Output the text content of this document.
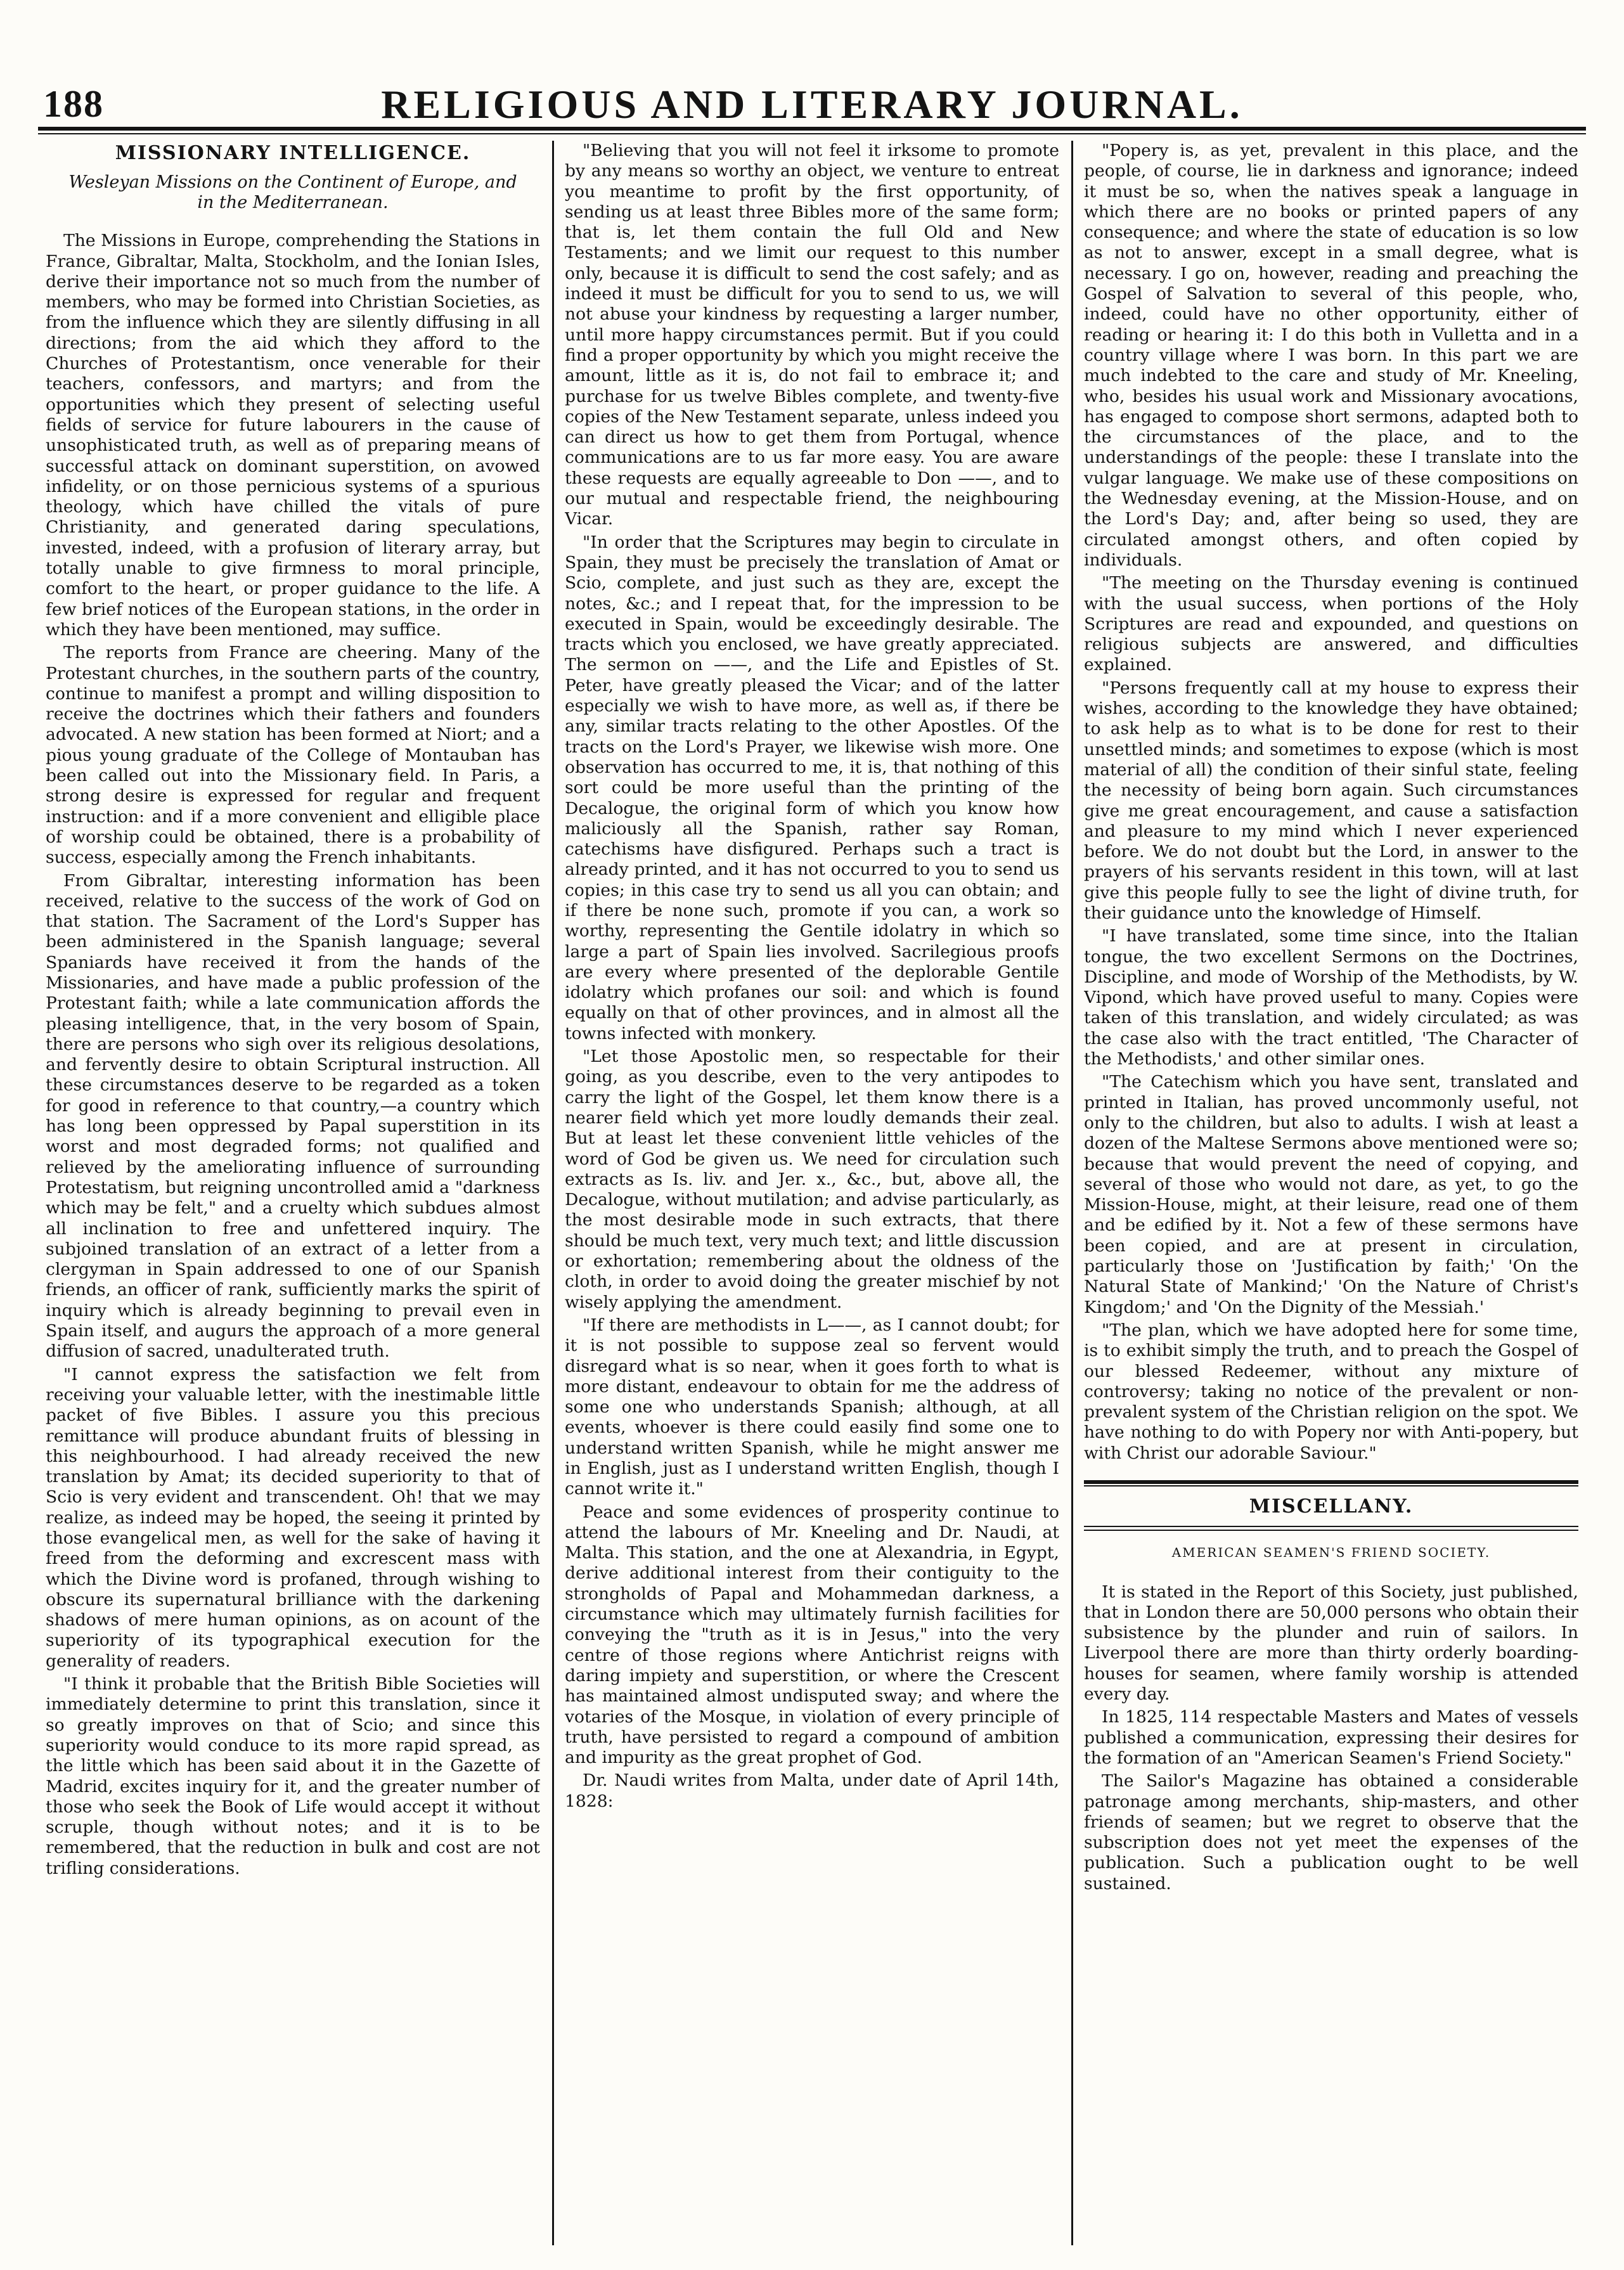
188	RELIGIOUS AND LITERARY JOURNAL.
MISSIONARY INTELLIGENCE.
Wesleyan Missions on the Continent of Europe, and in the Mediterranean.

The Missions in Europe, comprehending the Stations in France, Gibraltar, Malta, Stockholm, and the Ionian Isles, derive their importance not so much from the number of members, who may be formed into Christian Societies, as from the influence which they are silently diffusing in all directions; from the aid which they afford to the Churches of Protestantism, once venerable for their teachers, confessors, and martyrs; and from the opportunities which they present of selecting useful fields of service for future labourers in the cause of unsophisticated truth, as well as of preparing means of successful attack on dominant superstition, on avowed infidelity, or on those pernicious systems of a spurious theology, which have chilled the vitals of pure Christianity, and generated daring speculations, invested, indeed, with a profusion of literary array, but totally unable to give firmness to moral principle, comfort to the heart, or proper guidance to the life. A few brief notices of the European stations, in the order in which they have been mentioned, may suffice.

The reports from France are cheering. Many of the Protestant churches, in the southern parts of the country, continue to manifest a prompt and willing disposition to receive the doctrines which their fathers and founders advocated. A new station has been formed at Niort; and a pious young graduate of the College of Montauban has been called out into the Missionary field. In Paris, a strong desire is expressed for regular and frequent instruction: and if a more convenient and elligible place of worship could be obtained, there is a probability of success, especially among the French inhabitants.

From Gibraltar, interesting information has been received, relative to the success of the work of God on that station. The Sacrament of the Lord's Supper has been administered in the Spanish language; several Spaniards have received it from the hands of the Missionaries, and have made a public profession of the Protestant faith; while a late communication affords the pleasing intelligence, that, in the very bosom of Spain, there are persons who sigh over its religious desolations, and fervently desire to obtain Scriptural instruction. All these circumstances deserve to be regarded as a token for good in reference to that country,—a country which has long been oppressed by Papal superstition in its worst and most degraded forms; not qualified and relieved by the ameliorating influence of surrounding Protestatism, but reigning uncontrolled amid a "darkness which may be felt," and a cruelty which subdues almost all inclination to free and unfettered inquiry. The subjoined translation of an extract of a letter from a clergyman in Spain addressed to one of our Spanish friends, an officer of rank, sufficiently marks the spirit of inquiry which is already beginning to prevail even in Spain itself, and augurs the approach of a more general diffusion of sacred, unadulterated truth.

"I cannot express the satisfaction we felt from receiving your valuable letter, with the inestimable little packet of five Bibles. I assure you this precious remittance will produce abundant fruits of blessing in this neighbourhood. I had already received the new translation by Amat; its decided superiority to that of Scio is very evident and transcendent. Oh! that we may realize, as indeed may be hoped, the seeing it printed by those evangelical men, as well for the sake of having it freed from the deforming and excrescent mass with which the Divine word is profaned, through wishing to obscure its supernatural brilliance with the darkening shadows of mere human opinions, as on acount of the superiority of its typographical execution for the generality of readers.

"I think it probable that the British Bible Societies will immediately determine to print this translation, since it so greatly improves on that of Scio; and since this superiority would conduce to its more rapid spread, as the little which has been said about it in the Gazette of Madrid, excites inquiry for it, and the greater number of those who seek the Book of Life would accept it without scruple, though without notes; and it is to be remembered, that the reduction in bulk and cost are not trifling considerations.

"Believing that you will not feel it irksome to promote by any means so worthy an object, we venture to entreat you meantime to profit by the first opportunity, of sending us at least three Bibles more of the same form; that is, let them contain the full Old and New Testaments; and we limit our request to this number only, because it is difficult to send the cost safely; and as indeed it must be difficult for you to send to us, we will not abuse your kindness by requesting a larger number, until more happy circumstances permit. But if you could find a proper opportunity by which you might receive the amount, little as it is, do not fail to embrace it; and purchase for us twelve Bibles complete, and twenty-five copies of the New Testament separate, unless indeed you can direct us how to get them from Portugal, whence communications are to us far more easy. You are aware these requests are equally agreeable to Don ——, and to our mutual and respectable friend, the neighbouring Vicar.

"In order that the Scriptures may begin to circulate in Spain, they must be precisely the translation of Amat or Scio, complete, and just such as they are, except the notes, &c.; and I repeat that, for the impression to be executed in Spain, would be exceedingly desirable. The tracts which you enclosed, we have greatly appreciated. The sermon on ——, and the Life and Epistles of St. Peter, have greatly pleased the Vicar; and of the latter especially we wish to have more, as well as, if there be any, similar tracts relating to the other Apostles. Of the tracts on the Lord's Prayer, we likewise wish more. One observation has occurred to me, it is, that nothing of this sort could be more useful than the printing of the Decalogue, the original form of which you know how maliciously all the Spanish, rather say Roman, catechisms have disfigured. Perhaps such a tract is already printed, and it has not occurred to you to send us copies; in this case try to send us all you can obtain; and if there be none such, promote if you can, a work so worthy, representing the Gentile idolatry in which so large a part of Spain lies involved. Sacrilegious proofs are every where presented of the deplorable Gentile idolatry which profanes our soil: and which is found equally on that of other provinces, and in almost all the towns infected with monkery.

"Let those Apostolic men, so respectable for their going, as you describe, even to the very antipodes to carry the light of the Gospel, let them know there is a nearer field which yet more loudly demands their zeal. But at least let these convenient little vehicles of the word of God be given us. We need for circulation such extracts as Is. liv. and Jer. x., &c., but, above all, the Decalogue, without mutilation; and advise particularly, as the most desirable mode in such extracts, that there should be much text, very much text; and little discussion or exhortation; remembering about the oldness of the cloth, in order to avoid doing the greater mischief by not wisely applying the amendment.

"If there are methodists in L——, as I cannot doubt; for it is not possible to suppose zeal so fervent would disregard what is so near, when it goes forth to what is more distant, endeavour to obtain for me the address of some one who understands Spanish; although, at all events, whoever is there could easily find some one to understand written Spanish, while he might answer me in English, just as I understand written English, though I cannot write it."

Peace and some evidences of prosperity continue to attend the labours of Mr. Kneeling and Dr. Naudi, at Malta. This station, and the one at Alexandria, in Egypt, derive additional interest from their contiguity to the strongholds of Papal and Mohammedan darkness, a circumstance which may ultimately furnish facilities for conveying the "truth as it is in Jesus," into the very centre of those regions where Antichrist reigns with daring impiety and superstition, or where the Crescent has maintained almost undisputed sway; and where the votaries of the Mosque, in violation of every principle of truth, have persisted to regard a compound of ambition and impurity as the great prophet of God.

Dr. Naudi writes from Malta, under date of April 14th, 1828:

"Popery is, as yet, prevalent in this place, and the people, of course, lie in darkness and ignorance; indeed it must be so, when the natives speak a language in which there are no books or printed papers of any consequence; and where the state of education is so low as not to answer, except in a small degree, what is necessary. I go on, however, reading and preaching the Gospel of Salvation to several of this people, who, indeed, could have no other opportunity, either of reading or hearing it: I do this both in Vulletta and in a country village where I was born. In this part we are much indebted to the care and study of Mr. Kneeling, who, besides his usual work and Missionary avocations, has engaged to compose short sermons, adapted both to the circumstances of the place, and to the understandings of the people: these I translate into the vulgar language. We make use of these compositions on the Wednesday evening, at the Mission-House, and on the Lord's Day; and, after being so used, they are circulated amongst others, and often copied by individuals.

"The meeting on the Thursday evening is continued with the usual success, when portions of the Holy Scriptures are read and expounded, and questions on religious subjects are answered, and difficulties explained.

"Persons frequently call at my house to express their wishes, according to the knowledge they have obtained; to ask help as to what is to be done for rest to their unsettled minds; and sometimes to expose (which is most material of all) the condition of their sinful state, feeling the necessity of being born again. Such circumstances give me great encouragement, and cause a satisfaction and pleasure to my mind which I never experienced before. We do not doubt but the Lord, in answer to the prayers of his servants resident in this town, will at last give this people fully to see the light of divine truth, for their guidance unto the knowledge of Himself.

"I have translated, some time since, into the Italian tongue, the two excellent Sermons on the Doctrines, Discipline, and mode of Worship of the Methodists, by W. Vipond, which have proved useful to many. Copies were taken of this translation, and widely circulated; as was the case also with the tract entitled, 'The Character of the Methodists,' and other similar ones.

"The Catechism which you have sent, translated and printed in Italian, has proved uncommonly useful, not only to the children, but also to adults. I wish at least a dozen of the Maltese Sermons above mentioned were so; because that would prevent the need of copying, and several of those who would not dare, as yet, to go the Mission-House, might, at their leisure, read one of them and be edified by it. Not a few of these sermons have been copied, and are at present in circulation, particularly those on 'Justification by faith;' 'On the Natural State of Mankind;' 'On the Nature of Christ's Kingdom;' and 'On the Dignity of the Messiah.'

"The plan, which we have adopted here for some time, is to exhibit simply the truth, and to preach the Gospel of our blessed Redeemer, without any mixture of controversy; taking no notice of the prevalent or non-prevalent system of the Christian religion on the spot. We have nothing to do with Popery nor with Anti-popery, but with Christ our adorable Saviour."

MISCELLANY.
AMERICAN SEAMEN'S FRIEND SOCIETY.

It is stated in the Report of this Society, just published, that in London there are 50,000 persons who obtain their subsistence by the plunder and ruin of sailors. In Liverpool there are more than thirty orderly boarding-houses for seamen, where family worship is attended every day.

In 1825, 114 respectable Masters and Mates of vessels published a communication, expressing their desires for the formation of an "American Seamen's Friend Society."

The Sailor's Magazine has obtained a considerable patronage among merchants, ship-masters, and other friends of seamen; but we regret to observe that the subscription does not yet meet the expenses of the publication. Such a publication ought to be well sustained.
